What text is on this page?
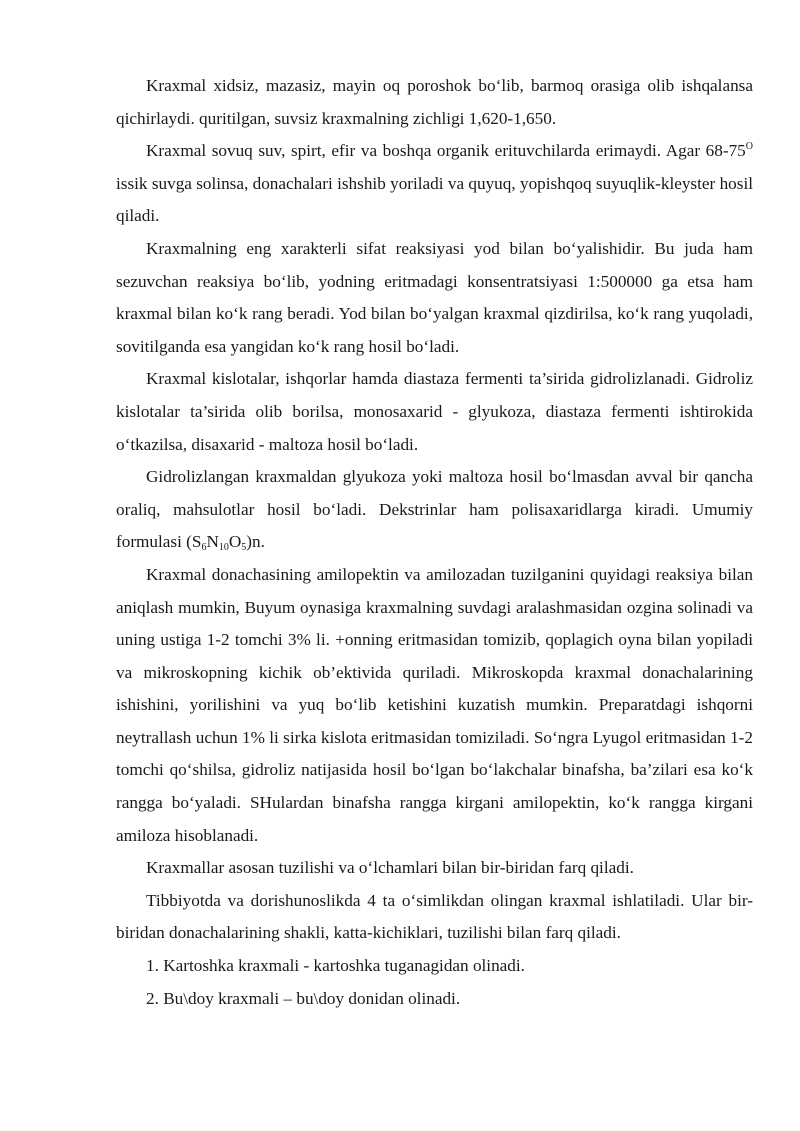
Kraxmal xidsiz, mazasiz, mayin oq poroshok bo‘lib, barmoq orasiga olib ishqalansa qichirlaydi. quritilgan, suvsiz kraxmalning zichligi 1,620-1,650.

Kraxmal sovuq suv, spirt, efir va boshqa organik erituvchilarda erimaydi. Agar $68-75^O$ issik suvga solinsa, donachalari ishshib yoriladi va quyuq, yopishqoq suyuqlik-kleyster hosil qiladi.

Kraxmalning eng xarakterli sifat reaksiyasi yod bilan bo‘yalishidir. Bu juda ham sezuvchan reaksiya bo‘lib, yodning eritmadagi konsentratsiyasi 1:500000 ga etsa ham kraxmal bilan ko‘k rang beradi. Yod bilan bo‘yalgan kraxmal qizdirilsa, ko‘k rang yuqoladi, sovitilganda esa yangidan ko‘k rang hosil bo‘ladi.

Kraxmal kislotalar, ishqorlar hamda diastaza fermenti ta’sirida gidrolizlanadi. Gidroliz kislotalar ta’sirida olib borilsa, monosaxarid - glyukoza, diastaza fermenti ishtirokida o‘tkazilsa, disaxarid - maltoza hosil bo‘ladi.

Gidrolizlangan kraxmaldan glyukoza yoki maltoza hosil bo‘lmasdan avval bir qancha oraliq, mahsulotlar hosil bo‘ladi. Dekstrinlar ham polisaxaridlarga kiradi. Umumiy formulasi $(S_6N_{10}O_5)n$.

Kraxmal donachasining amilopektin va amilozadan tuzilganini quyidagi reaksiya bilan aniqlash mumkin, Buyum oynasiga kraxmalning suvdagi aralashmasidan ozgina solinadi va uning ustiga 1-2 tomchi 3% li. +onning eritmasidan tomizib, qoplagich oyna bilan yopiladi va mikroskopning kichik ob’ektivida quriladi. Mikroskopda kraxmal donachalarining ishishini, yorilishini va yuq bo‘lib ketishini kuzatish mumkin. Preparatdagi ishqorni neytrallash uchun 1% li sirka kislota eritmasidan tomiziladi. So‘ngra Lyugol eritmasidan 1-2 tomchi qo‘shilsa, gidroliz natijasida hosil bo‘lgan bo‘lakchalar binafsha, ba’zilari esa ko‘k rangga bo‘yaladi. SHulardan binafsha rangga kirgani amilopektin, ko‘k rangga kirgani amiloza hisoblanadi.

Kraxmallar asosan tuzilishi va o‘lchamlari bilan bir-biridan farq qiladi.

Tibbiyotda va dorishunoslikda 4 ta o‘simlikdan olingan kraxmal ishlatiladi. Ular bir-biridan donachalarining shakli, katta-kichiklari, tuzilishi bilan farq qiladi.

1. Kartoshka kraxmali - kartoshka tuganagidan olinadi.

2. Bu\doy kraxmali – bu\doy donidan olinadi.
